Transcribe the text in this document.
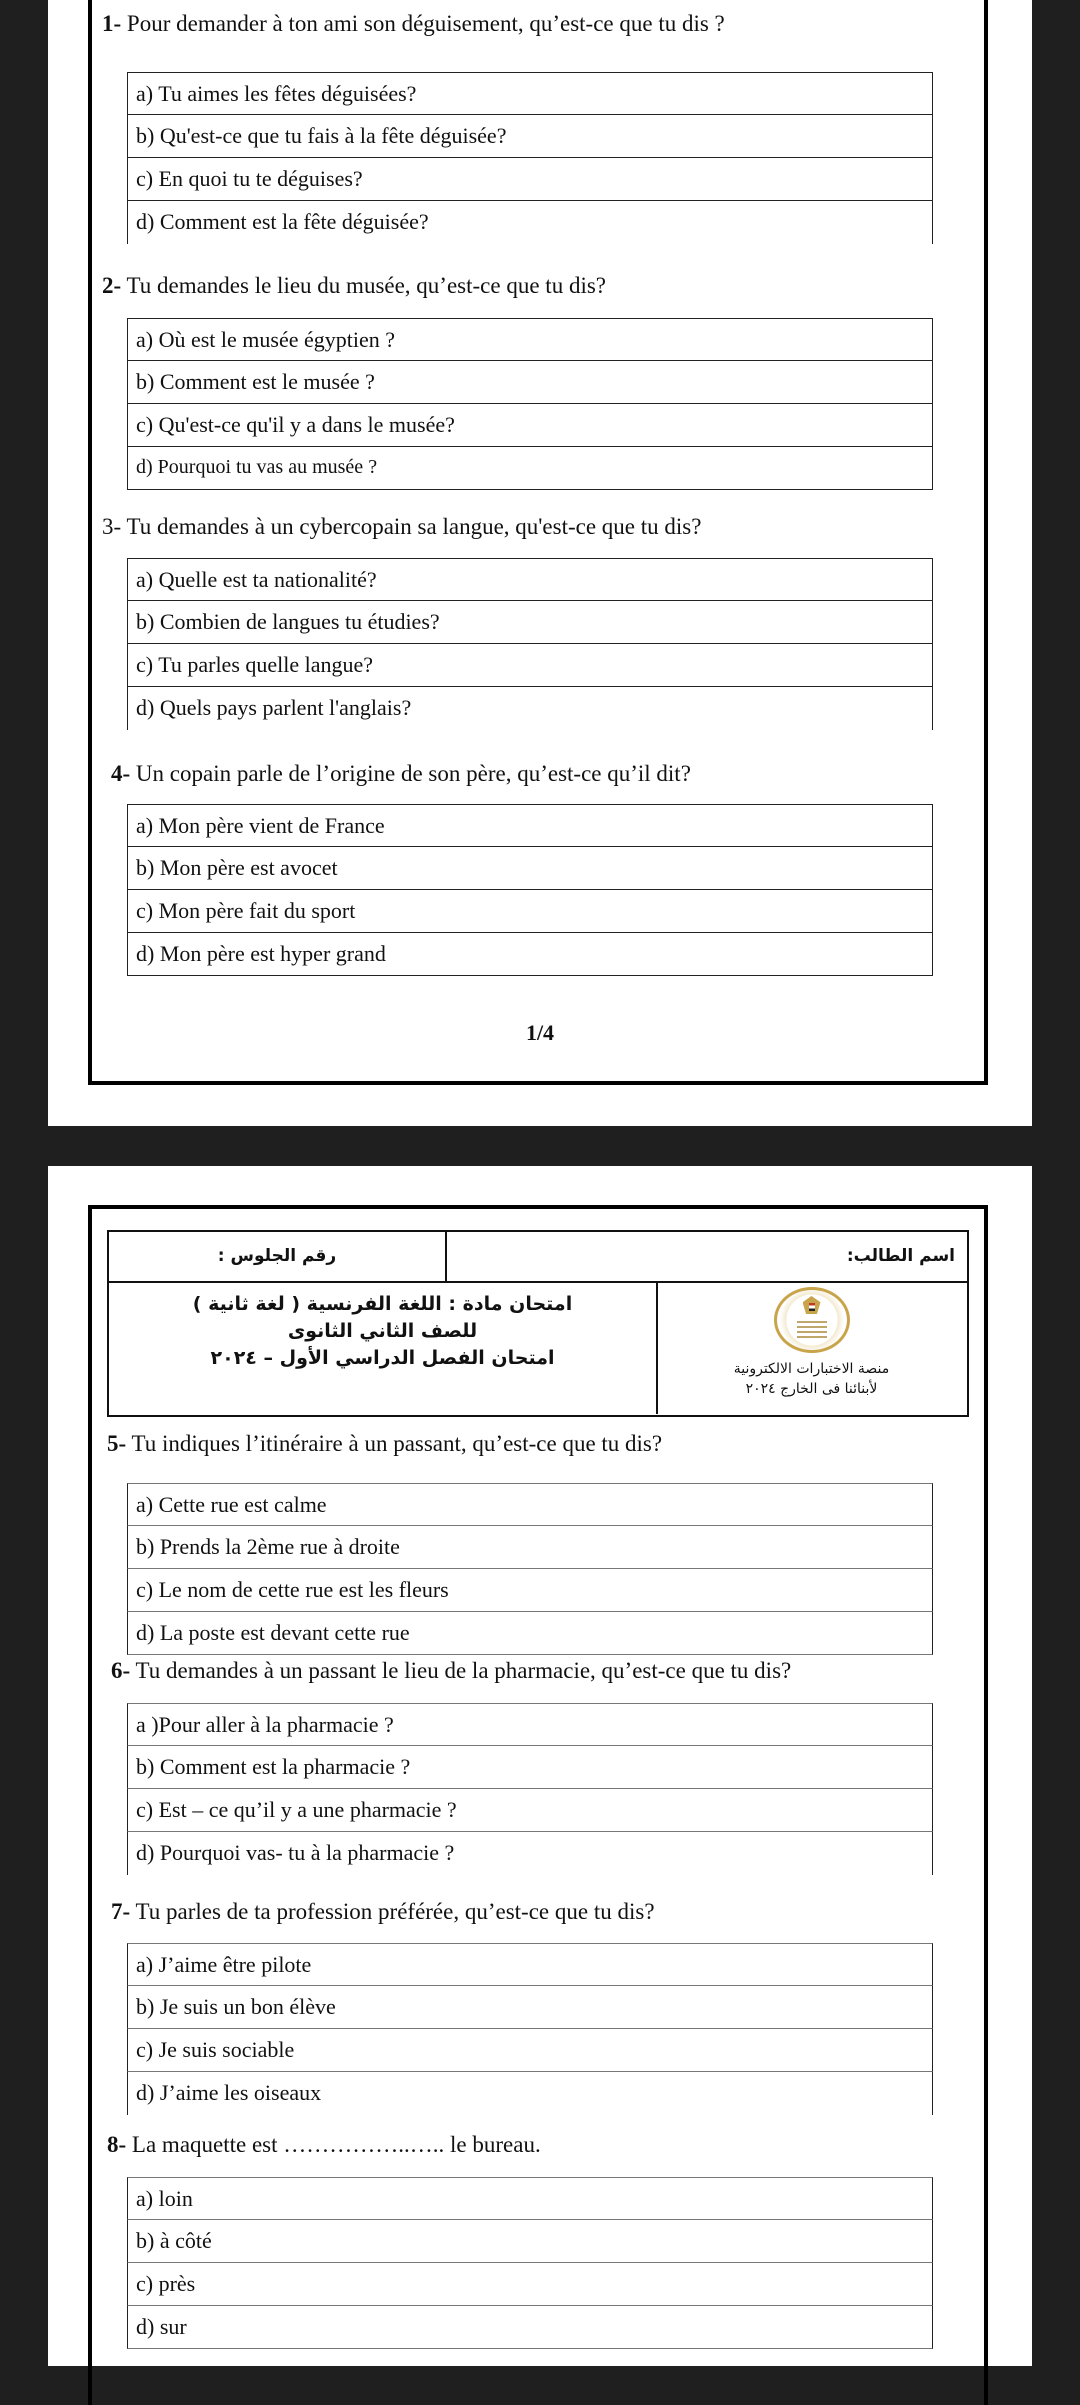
1- Pour demander à ton ami son déguisement, qu’est-ce que tu dis ?
a) Tu aimes les fêtes déguisées?
b) Qu'est-ce que tu fais à la fête déguisée?
c) En quoi tu te déguises?
d) Comment est la fête déguisée?
2- Tu demandes le lieu du musée, qu’est-ce que tu dis?
a) Où est le musée égyptien ?
b) Comment est le musée ?
c) Qu'est-ce qu'il y a dans le musée?
d) Pourquoi tu vas au musée ?
3- Tu demandes à un cybercopain sa langue, qu'est-ce que tu dis?
a) Quelle est ta nationalité?
b) Combien de langues tu étudies?
c) Tu parles quelle langue?
d) Quels pays parlent l'anglais?
4- Un copain parle de l’origine de son père, qu’est-ce qu’il dit?
a) Mon père vient de France
b) Mon père est avocet
c) Mon père fait du sport
d) Mon père est hyper grand
1/4
رقم الجلوس :	اسم الطالب:
امتحان مادة : اللغة الفرنسية ( لغة ثانية )
للصف الثاني الثانوى
امتحان الفصل الدراسي الأول – ٢٠٢٤	منصة الاختبارات الالكترونية
لأبنائنا فى الخارج ٢٠٢٤
5- Tu indiques l’itinéraire à un passant, qu’est-ce que tu dis?
a) Cette rue est calme
b) Prends la 2ème rue à droite
c) Le nom de cette rue est les fleurs
d) La poste est devant cette rue
6- Tu demandes à un passant le lieu de la pharmacie, qu’est-ce que tu dis?
a )Pour aller à la pharmacie ?
b) Comment est la pharmacie ?
c) Est – ce qu’il y a une pharmacie ?
d) Pourquoi vas- tu à la pharmacie ?
7- Tu parles de ta profession préférée, qu’est-ce que tu dis?
a) J’aime être pilote
b) Je suis un bon élève
c) Je suis sociable
d) J’aime les oiseaux
8- La maquette est ……………..….. le bureau.
a) loin
b) à côté
c) près
d) sur
